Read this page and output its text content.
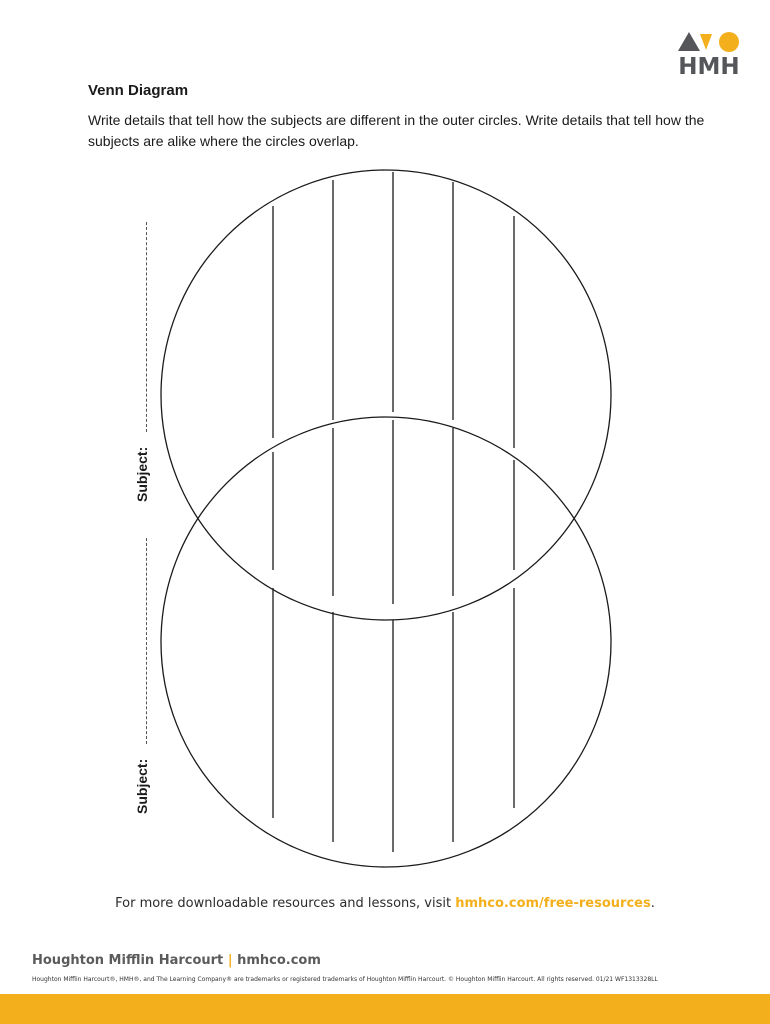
HMH
Venn Diagram
Write details that tell how the subjects are different in the outer circles. Write details that tell how the subjects are alike where the circles overlap.
Subject:
Subject:
For more downloadable resources and lessons, visit hmhco.com/free-resources.
Houghton Mifflin Harcourt | hmhco.com
Houghton Mifflin Harcourt®, HMH®, and The Learning Company® are trademarks or registered trademarks of Houghton Mifflin Harcourt. © Houghton Mifflin Harcourt. All rights reserved. 01/21 WF1313328LL
